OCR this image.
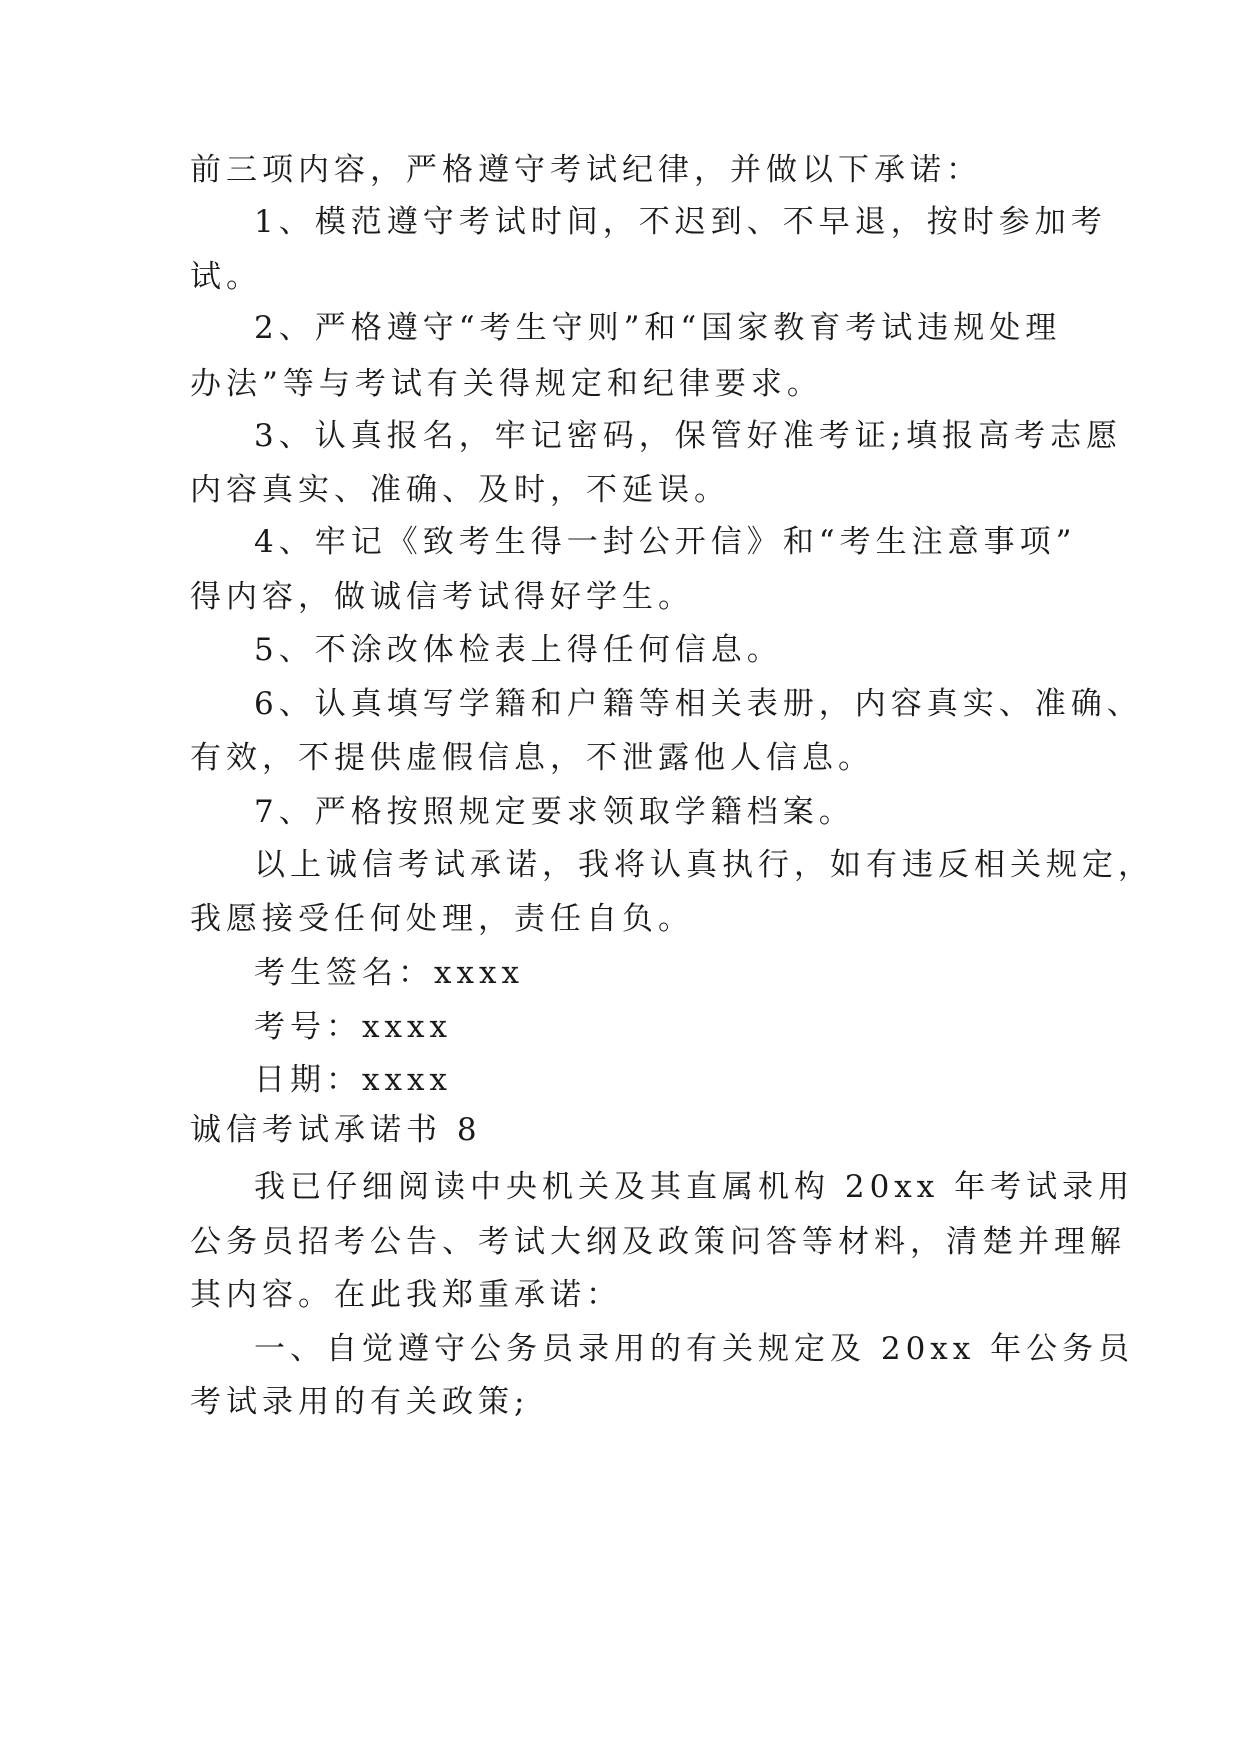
前三项内容，严格遵守考试纪律，并做以下承诺：
1、模范遵守考试时间，不迟到、不早退，按时参加考
试。
2、严格遵守“考生守则”和“国家教育考试违规处理
办法”等与考试有关得规定和纪律要求。
3、认真报名，牢记密码，保管好准考证;填报高考志愿
内容真实、准确、及时，不延误。
4、牢记《致考生得一封公开信》和“考生注意事项”
得内容，做诚信考试得好学生。
5、不涂改体检表上得任何信息。
6、认真填写学籍和户籍等相关表册，内容真实、准确、
有效，不提供虚假信息，不泄露他人信息。
7、严格按照规定要求领取学籍档案。
以上诚信考试承诺，我将认真执行，如有违反相关规定，
我愿接受任何处理，责任自负。
考生签名：xxxx
考号：xxxx
日期：xxxx
诚信考试承诺书 8
我已仔细阅读中央机关及其直属机构 20xx 年考试录用
公务员招考公告、考试大纲及政策问答等材料，清楚并理解
其内容。在此我郑重承诺：
一、自觉遵守公务员录用的有关规定及 20xx 年公务员
考试录用的有关政策;
